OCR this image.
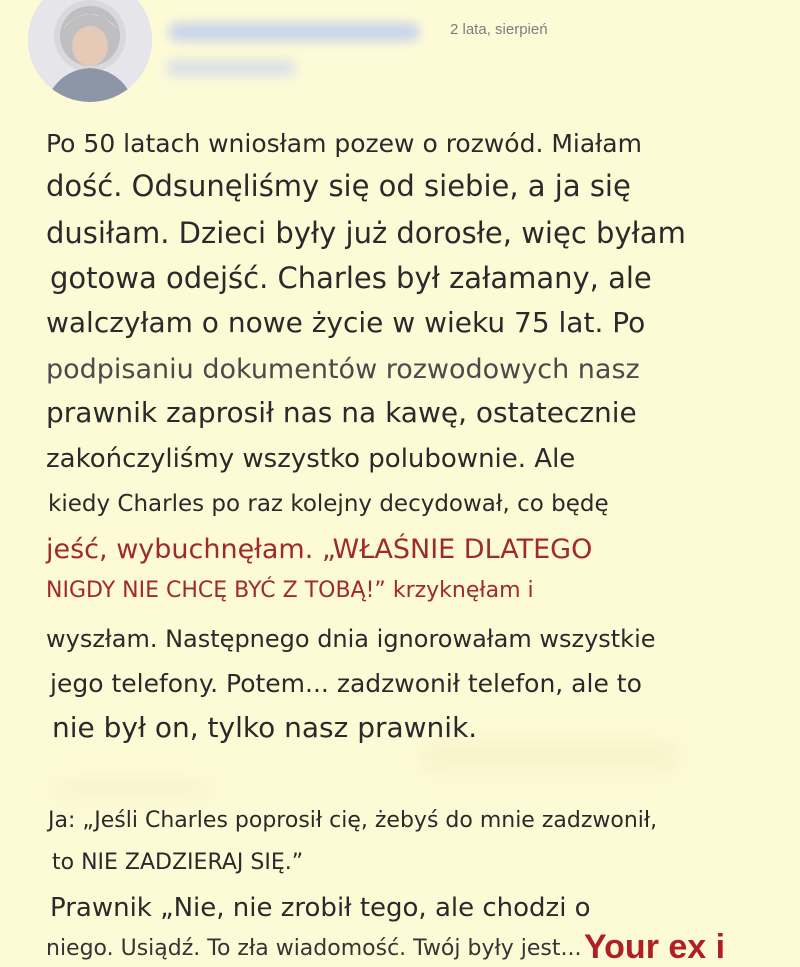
2 lata, sierpień

Po 50 latach wniosłam pozew o rozwód. Miałam

dość. Odsunęliśmy się od siebie, a ja się

dusiłam. Dzieci były już dorosłe, więc byłam

gotowa odejść. Charles był załamany, ale

walczyłam o nowe życie w wieku 75 lat. Po

podpisaniu dokumentów rozwodowych nasz

prawnik zaprosił nas na kawę, ostatecznie

zakończyliśmy wszystko polubownie. Ale

kiedy Charles po raz kolejny decydował, co będę

jeść, wybuchnęłam. „WŁAŚNIE DLATEGO

NIGDY NIE CHCĘ BYĆ Z TOBĄ!” krzyknęłam i

wyszłam. Następnego dnia ignorowałam wszystkie

jego telefony. Potem... zadzwonił telefon, ale to

nie był on, tylko nasz prawnik.

Ja: „Jeśli Charles poprosił cię, żebyś do mnie zadzwonił,

to NIE ZADZIERAJ SIĘ.”

Prawnik „Nie, nie zrobił tego, ale chodzi o

niego. Usiądź. To zła wiadomość. Twój były jest... Your ex i
